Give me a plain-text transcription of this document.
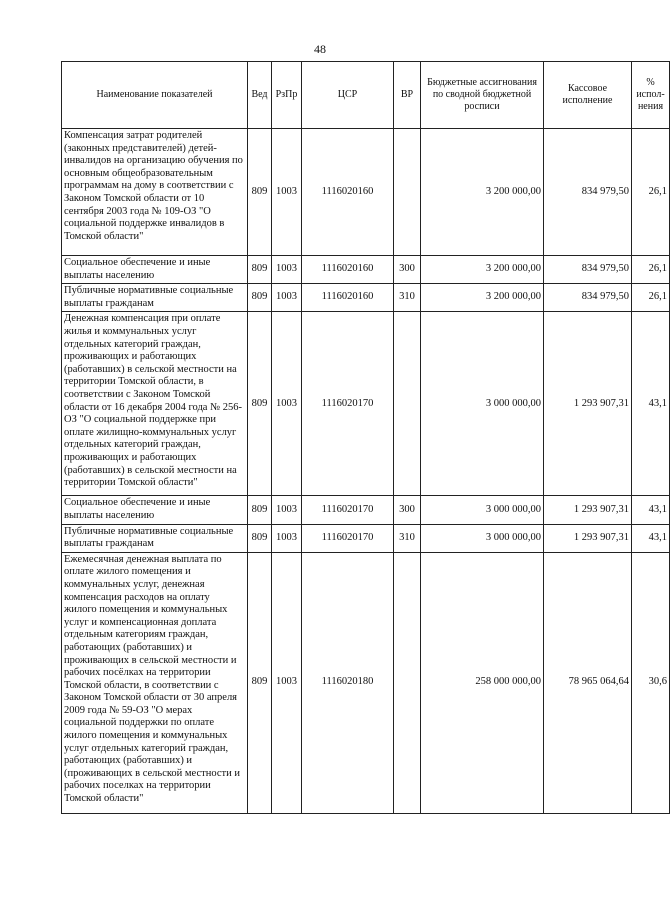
48
Наименование показателей	Вед	РзПр	ЦСР	ВР	Бюджетные ассигнования по сводной бюджетной росписи	Кассовое исполнение	% испол-нения
Компенсация затрат родителей (законных представителей) детей-инвалидов на организацию обучения по основным общеобразовательным программам на дому в соответствии с Законом Томской области от 10 сентября 2003 года № 109-ОЗ "О социальной поддержке инвалидов в Томской области"	809	1003	1116020160		3 200 000,00	834 979,50	26,1
Социальное обеспечение и иные выплаты населению	809	1003	1116020160	300	3 200 000,00	834 979,50	26,1
Публичные нормативные социальные выплаты гражданам	809	1003	1116020160	310	3 200 000,00	834 979,50	26,1
Денежная компенсация при оплате жилья и коммунальных услуг отдельных категорий граждан, проживающих и работающих (работавших) в сельской местности на территории Томской области, в соответствии с Законом Томской области от 16 декабря 2004 года № 256-ОЗ "О социальной поддержке при оплате жилищно-коммунальных услуг отдельных категорий граждан, проживающих и работающих (работавших) в сельской местности на территории Томской области"	809	1003	1116020170		3 000 000,00	1 293 907,31	43,1
Социальное обеспечение и иные выплаты населению	809	1003	1116020170	300	3 000 000,00	1 293 907,31	43,1
Публичные нормативные социальные выплаты гражданам	809	1003	1116020170	310	3 000 000,00	1 293 907,31	43,1
Ежемесячная денежная выплата по оплате жилого помещения и коммунальных услуг, денежная компенсация расходов на оплату жилого помещения и коммунальных услуг и компенсационная доплата отдельным категориям граждан, работающих (работавших) и проживающих в сельской местности и рабочих посёлках на территории Томской области, в соответствии с Законом Томской области от 30 апреля 2009 года № 59-ОЗ "О мерах социальной поддержки по оплате жилого помещения и коммунальных услуг отдельных категорий граждан, работающих (работавших) и (проживающих в сельской местности и рабочих поселках на территории Томской области"	809	1003	1116020180		258 000 000,00	78 965 064,64	30,6
